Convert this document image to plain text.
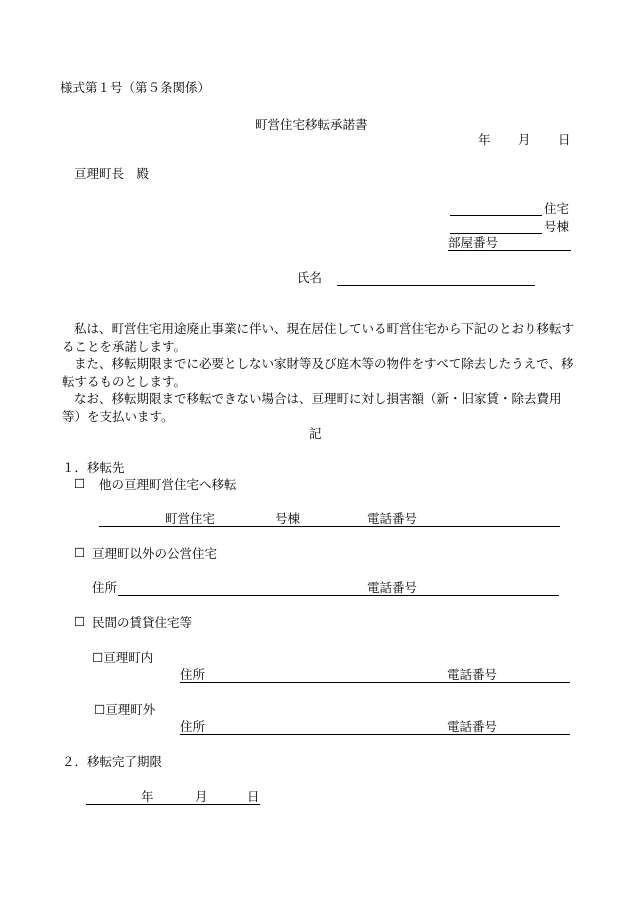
様式第１号（第５条関係）
町営住宅移転承諾書
年 月 日
亘理町長　殿
住宅
号棟
部屋番号
氏名

私は、町営住宅用途廃止事業に伴い、現在居住している町営住宅から下記のとおり移転することを承諾します。

また、移転期限までに必要としない家財等及び庭木等の物件をすべて除去したうえで、移転するものとします。

なお、移転期限まで移転できない場合は、亘理町に対し損害額（新・旧家賃・除去費用等）を支払います。

記
１．移転先
☐ 他の亘理町営住宅へ移転
町営住宅	号棟	電話番号
☐ 亘理町以外の公営住宅
住所	電話番号
☐ 民間の賃貸住宅等
☐亘理町内
住所	電話番号
☐亘理町外
住所	電話番号
２．移転完了期限
年	月	日
